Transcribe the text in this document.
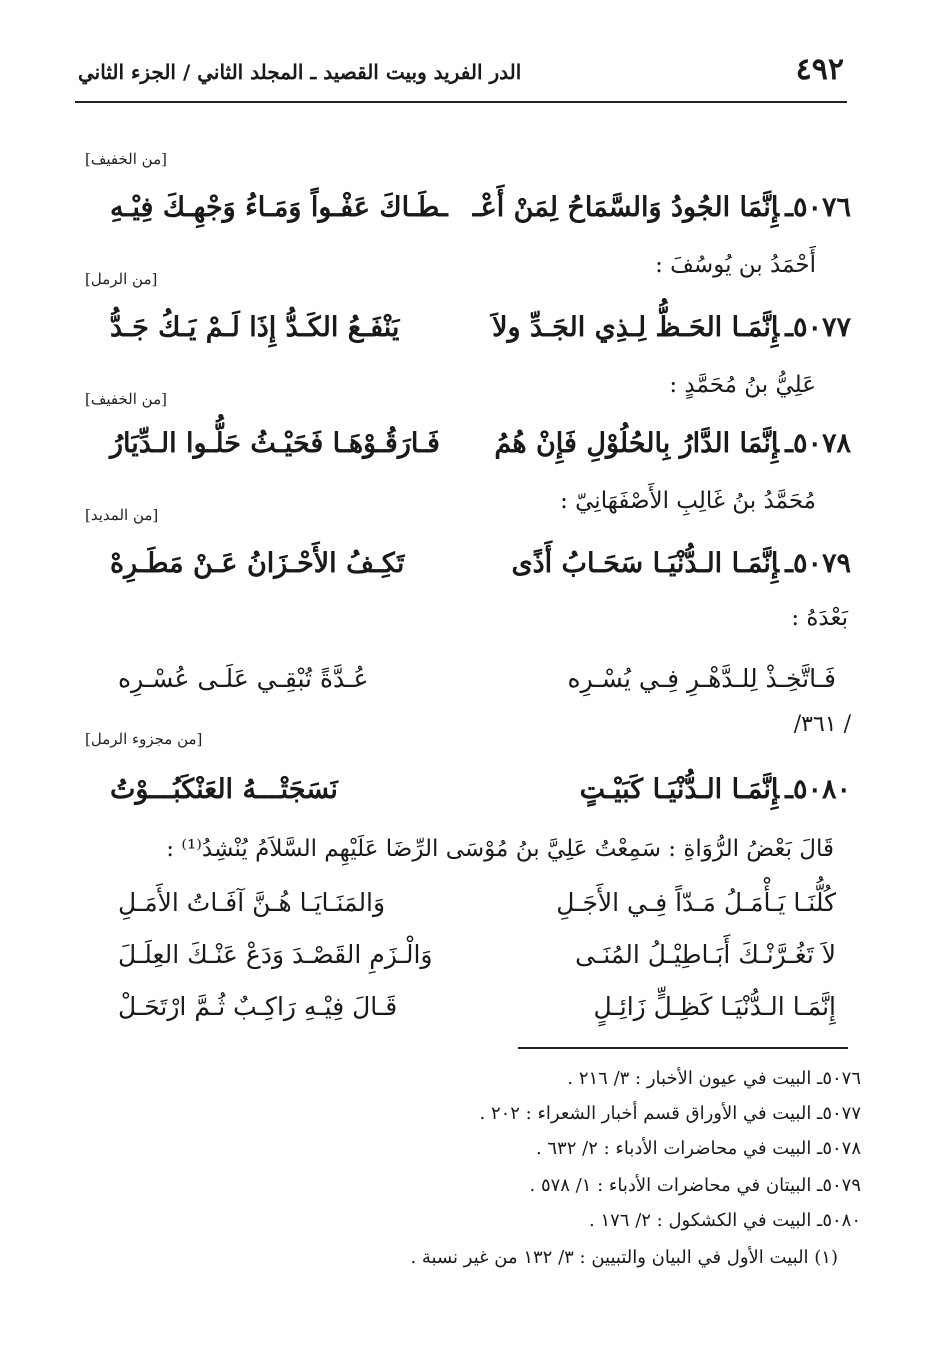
٤٩٢
الدر الفريد وبيت القصيد ـ المجلد الثاني / الجزء الثاني
[من الخفيف]
٥٠٧٦ـإِنَّمَا الجُودُ وَالسَّمَاحُ لِمَنْ أَعْـ
ـطَـاكَ عَفْـواً وَمَـاءُ وَجْهِـكَ فِيْـهِ
أَحْمَدُ بن يُوسُفَ :
[من الرمل]
٥٠٧٧ـإِنَّمَـا الحَـظُّ لِـذِي الجَـدِّ ولاَ
يَنْفَـعُ الكَـدُّ إِذَا لَـمْ يَـكُ جَـدُّ
عَلِيُّ بنُ مُحَمَّدٍ :
[من الخفيف]
٥٠٧٨ـإِنَّمَا الدَّارُ بِالحُلُوْلِ فَإِنْ هُمُ
فَـارَقُـوْهَـا فَحَيْـثُ حَلُّـوا الـدِّيَارُ
مُحَمَّدُ بنُ غَالِبِ الأَصْفَهَانِيّ :
[من المديد]
٥٠٧٩ـإِنَّمَـا الـدُّنْيَـا سَحَـابُ أَذًى
تَكِـفُ الأَحْـزَانُ عَـنْ مَطَـرِهْ
بَعْدَهُ :
فَـاتَّخِـذْ لِلـدَّهْـرِ فِـي يُسْـرِه
عُـدَّةً تُبْقِـي عَلَـى عُسْـرِه
/ ٣٦١/
[من مجزوء الرمل]
٥٠٨٠ـإِنَّمَـا الـدُّنْيَـا كَبَيْـتٍ
نَسَجَتْـــهُ العَنْكَبُـــوْتُ
قَالَ بَعْضُ الرُّوَاةِ : سَمِعْتُ عَلِيَّ بنُ مُوْسَى الرِّضَا عَلَيْهِم السَّلاَمُ يُنْشِدُ⁽¹⁾ :
كُلُّنَـا يَـأْمَـلُ مَـدّاً فِـي الأَجَـلِ
وَالمَنَـايَـا هُـنَّ آفَـاتُ الأَمَـلِ
لاَ تَغُـرَّنْـكَ أَبَـاطِيْـلُ المُنَـى
وَالْـزَمِ القَصْـدَ وَدَعْ عَنْـكَ العِلَـلَ
إِنَّمَـا الـدُّنْيَـا كَظِـلٍّ زَائِـلٍ
قَـالَ فِيْـهِ رَاكِـبٌ ثُـمَّ ارْتَحَـلْ
٥٠٧٦ـ البيت في عيون الأخبار : ٣/ ٢١٦ .
٥٠٧٧ـ البيت في الأوراق قسم أخبار الشعراء : ٢٠٢ .
٥٠٧٨ـ البيت في محاضرات الأدباء : ٢/ ٦٣٢ .
٥٠٧٩ـ البيتان في محاضرات الأدباء : ١/ ٥٧٨ .
٥٠٨٠ـ البيت في الكشكول : ٢/ ١٧٦ .
(١) البيت الأول في البيان والتبيين : ٣/ ١٣٢ من غير نسبة .
